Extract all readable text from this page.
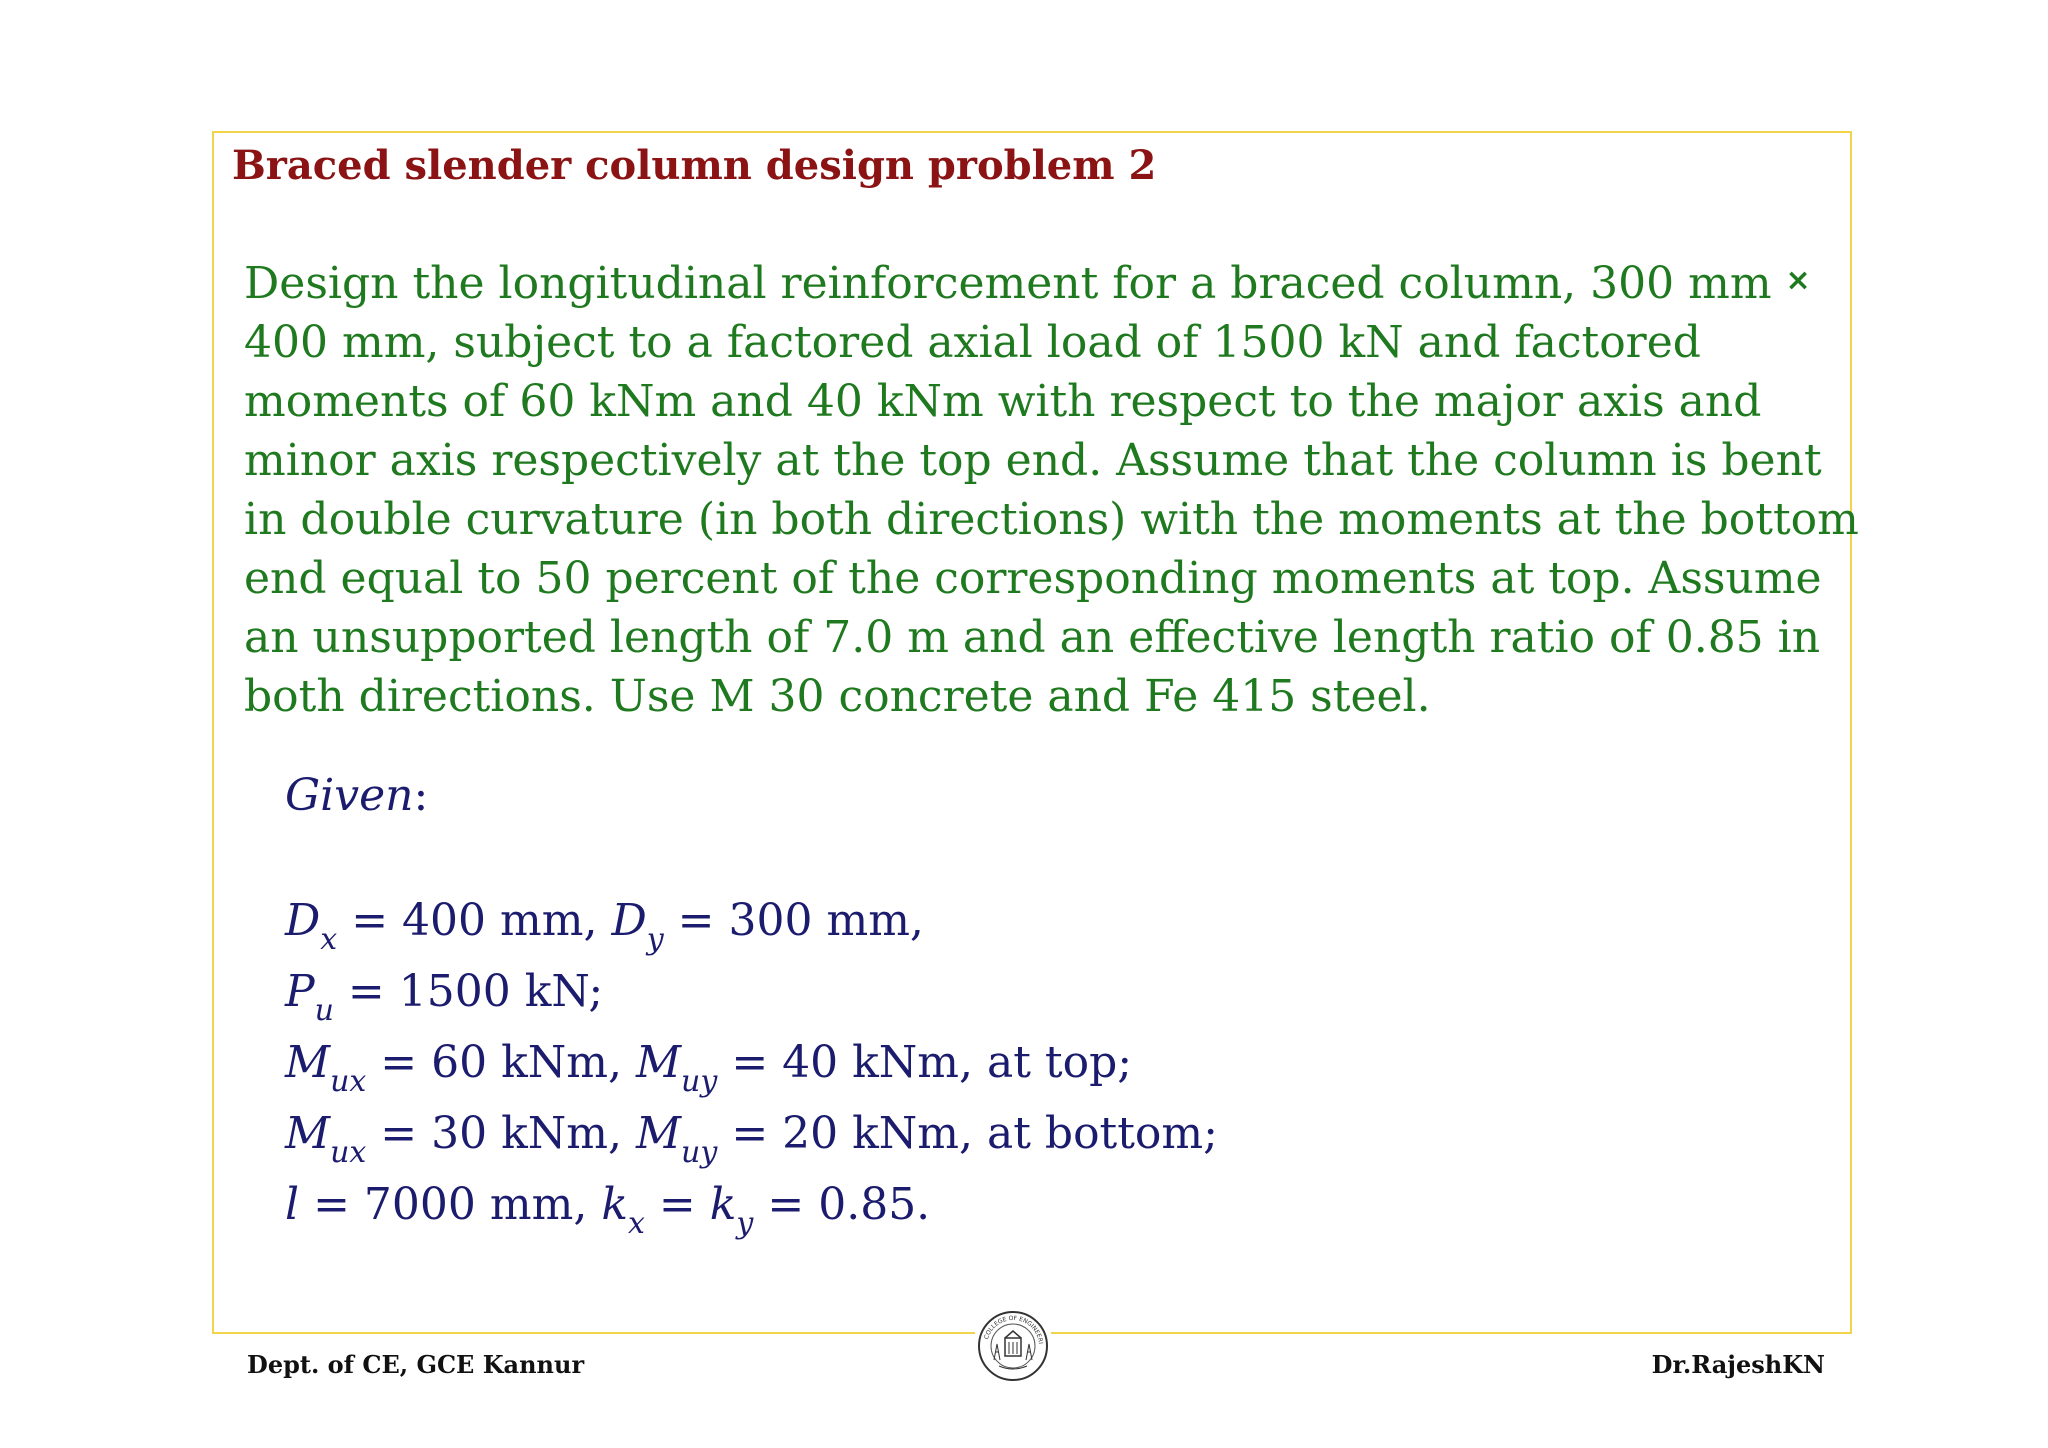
Braced slender column design problem 2
Design the longitudinal reinforcement for a braced column, 300 mm ×
400 mm, subject to a factored axial load of 1500 kN and factored
moments of 60 kNm and 40 kNm with respect to the major axis and
minor axis respectively at the top end. Assume that the column is bent
in double curvature (in both directions) with the moments at the bottom
end equal to 50 percent of the corresponding moments at top. Assume
an unsupported length of 7.0 m and an effective length ratio of 0.85 in
both directions. Use M 30 concrete and Fe 415 steel.
Given:
$D_x = 400$ mm, $D_y = 300$ mm,
$P_u = 1500$ kN;
$M_{ux} = 60$ kNm, $M_{uy} = 40$ kNm, at top;
$M_{ux} = 30$ kNm, $M_{uy} = 20$ kNm, at bottom;
l = 7000 mm, $k_x = k_y = 0.85$.
COLLEGE OF ENGINEERI
Dept. of CE, GCE Kannur	Dr.RajeshKN
